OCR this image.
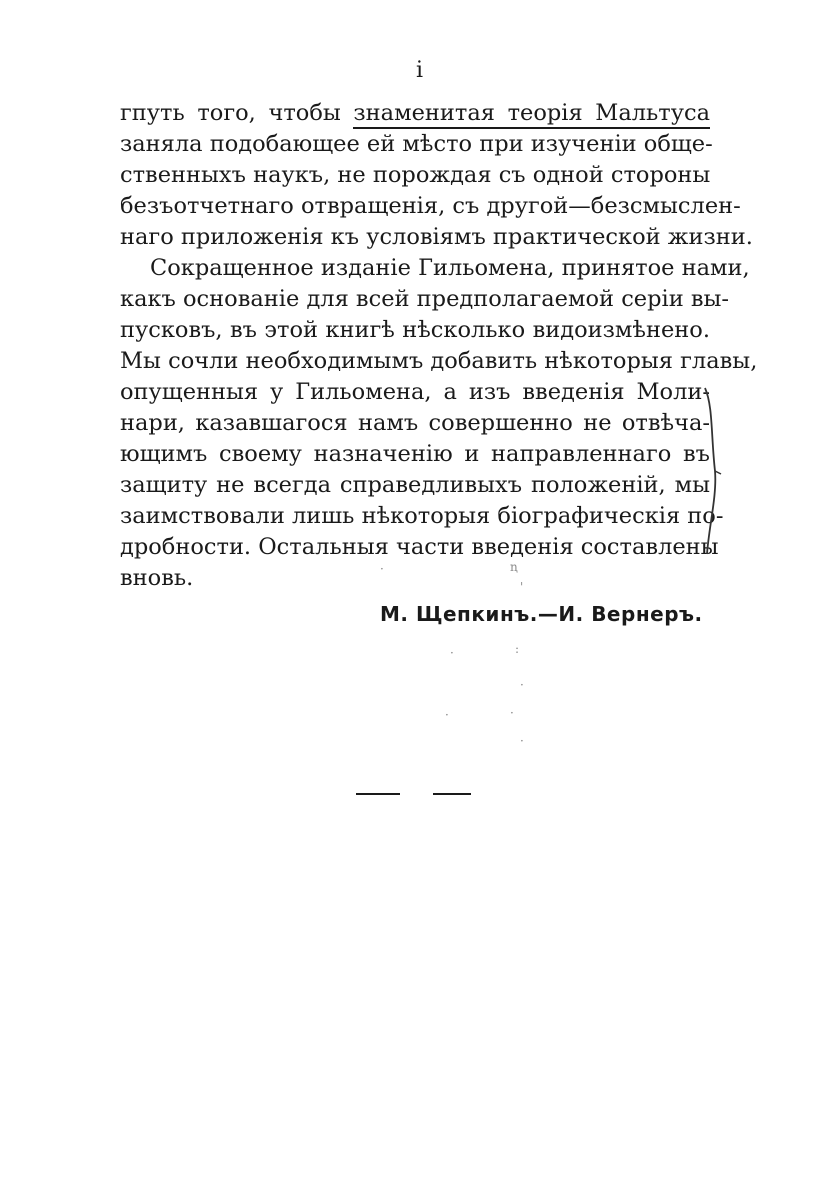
i
гпуть того, чтобы знаменитая теорія Мальтуса
заняла подобающее ей мѣсто при изученіи обще-
ственныхъ наукъ, не порождая съ одной стороны
безъотчетнаго отвращенія, съ другой—безсмыслен-
наго приложенія къ условіямъ практической жизни.
Сокращенное изданіе Гильомена, принятое нами,
какъ основаніе для всей предполагаемой серіи вы-
пусковъ, въ этой книгѣ нѣсколько видоизмѣнено.
Мы сочли необходимымъ добавить нѣкоторыя главы,
опущенныя у Гильомена, а изъ введенія Моли-
нари, казавшагося намъ совершенно не отвѣча-
ющимъ своему назначенію и направленнаго въ
защиту не всегда справедливыхъ положеній, мы
заимствовали лишь нѣкоторыя біографическія по-
дробности. Остальныя части введенія составлены
вновь.	·	ꞑ
'
·	:
·
·	·
·
М. Щепкинъ.—И. Вернеръ.
